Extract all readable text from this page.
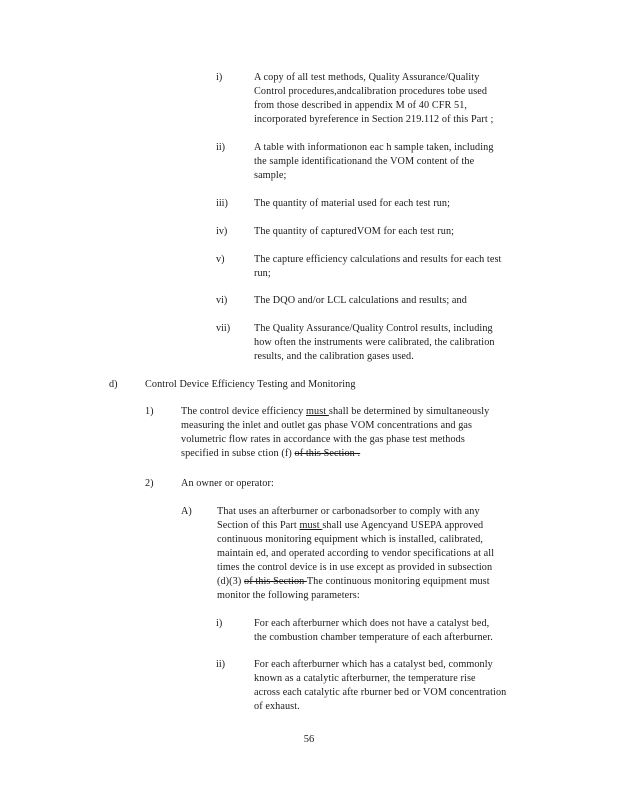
i)	A copy of all test methods, Quality Assurance/Quality
Control procedures,andcalibration procedures tobe used
from those described in appendix M of 40 CFR 51,
incorporated byreference in Section 219.112 of this Part ;
ii)	A table with informationon eac h sample taken, including
the sample identificationand the VOM content of the
sample;
iii)	The quantity of material used for each test run;
iv)	The quantity of capturedVOM for each test run;
v)	The capture efficiency calculations and results for each test
run;
vi)	The DQO and/or LCL calculations and results; and
vii) The Quality Assurance/Quality Control results, including
how often the instruments were calibrated, the calibration
results, and the calibration gases used.
d)	Control Device Efficiency Testing and Monitoring
1)	The control device efficiency must shall be determined by simultaneously
measuring the inlet and outlet gas phase VOM concentrations and gas
volumetric flow rates in accordance with the gas phase test methods
specified in subse ction (f) of this Section .
2)	An owner or operator:
A) That uses an afterburner or carbonadsorber to comply with any
Section of this Part must shall use Agencyand USEPA approved
continuous monitoring equipment which is installed, calibrated,
maintain ed, and operated according to vendor specifications at all
times the control device is in use except as provided in subsection
(d)(3) of this Section The continuous monitoring equipment must
monitor the following parameters:
i)	For each afterburner which does not have a catalyst bed,
the combustion chamber temperature of each afterburner.
ii)	For each afterburner which has a catalyst bed, commonly
known as a catalytic afterburner, the temperature rise
across each catalytic afte rburner bed or VOM concentration
of exhaust.
56
